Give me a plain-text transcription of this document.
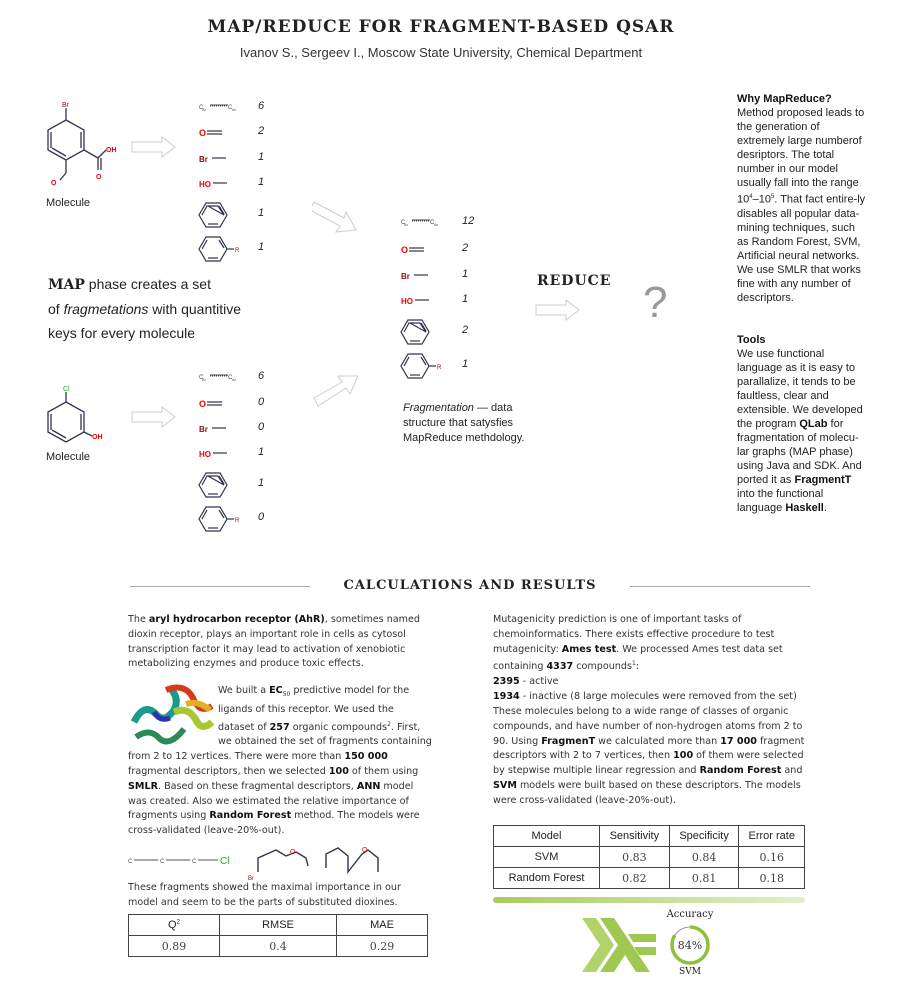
MAP/REDUCE FOR FRAGMENT-BASED QSAR
Ivanov S., Sergeev I., Moscow State University, Chemical Department
Br
OH
O
O
Molecule
Cl
OH
Molecule
C
Ar	C Ar 6
O	2
Br	1
HO	1
1
R 1
C
Ar	C Ar 6
O	0
Br	0
HO	1
1
R 0
C
Ar	C Ar 12
O	2
Br	1
HO	1
2
R 1
MAP phase creates a set
of fragmetations with quantitive
keys for every molecule
Fragmentation — data structure that satysfies MapReduce methdology.
REDUCE ?

Why MapReduce?
Method proposed leads to the generation of extremely large numberof desriptors. The total number in our model usually fall into the range $10^4-10^5$. That fact entire-ly disables all popular data-mining techniques, such as Random Forest, SVM, Artificial neural networks. We use SMLR that works fine with any number of descriptors.

Tools
We use functional language as it is easy to parallalize, it tends to be faultless, clear and extensible. We developed the program QLab for fragmentation of molecu-lar graphs (MAP phase) using Java and SDK. And ported it as FragmentT into the functional language Haskell.

CALCULATIONS AND RESULTS
The aryl hydrocarbon receptor (AhR), sometimes named dioxin receptor, plays an important role in cells as cytosol transcription factor it may lead to activation of xenobiotic metabolizing enzymes and produce toxic effects.
We built a $EC_{50}$ predictive model for the ligands of this receptor. We used the dataset of 257 organic compounds$^2$. First, we obtained the set of fragments containing from 2 to 12 vertices. There were more than 150 000 fragmental descriptors, then we selected 100 of them using SMLR. Based on these fragmental descriptors, ANN model was created. Also we estimated the relative importance of fragments using Random Forest method. The models were cross-validated (leave-20%-out).
C	C	C Cl
O	O
Br
These fragments showed the maximal importance in our model and seem to be the parts of substituted dioxines.
$Q^2$	RMSE	MAE
0.89	0.4	0.29
Mutagenicity prediction is one of important tasks of chemoinformatics. There exists effective procedure to test mutagenicity: Ames test. We processed Ames test data set containing 4337 compounds$^1$:
2395 - active
1934 - inactive (8 large molecules were removed from the set)
These molecules belong to a wide range of classes of organic compounds, and have number of non-hydrogen atoms from 2 to 90. Using FragmenT we calculated more than 17 000 fragment descriptors with 2 to 7 vertices, then 100 of them were selected by stepwise multiple linear regression and Random Forest and SVM models were built based on these descriptors. The models were cross-validated (leave-20%-out).
Model	Sensitivity	Specificity	Error rate
SVM	0.83	0.84	0.16
Random Forest	0.82	0.81	0.18
Accuracy
84%
SVM
